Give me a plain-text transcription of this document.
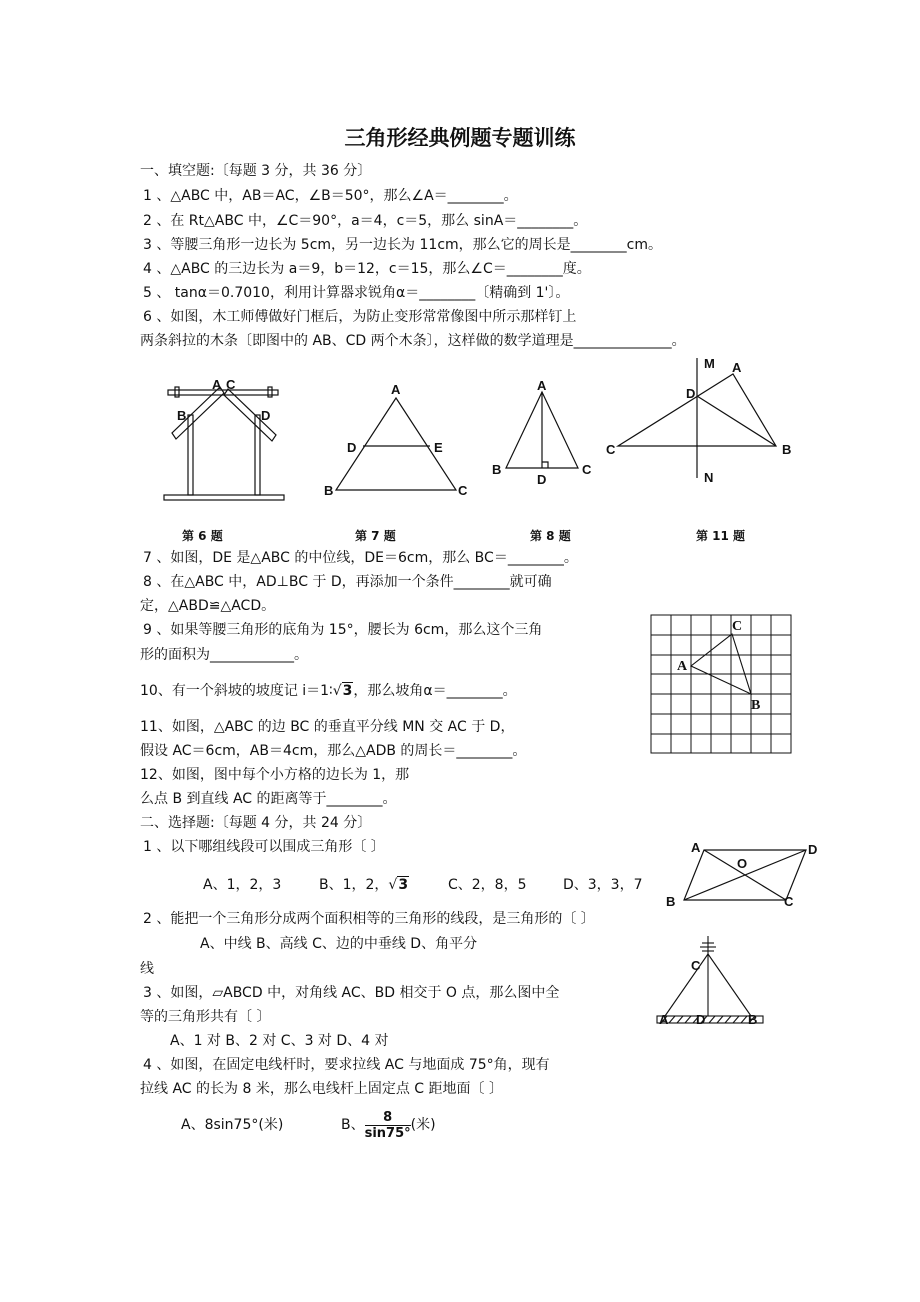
三角形经典例题专题训练
一、填空题:〔每题 3 分，共 36 分〕
1 、△ABC 中，AB＝AC，∠B＝50°，那么∠A＝________。
2 、在 Rt△ABC 中，∠C＝90°，a＝4，c＝5，那么 sinA＝________。
3 、等腰三角形一边长为 5cm，另一边长为 11cm，那么它的周长是________cm。
4 、△ABC 的三边长为 a＝9，b＝12，c＝15，那么∠C＝________度。
5 、 tanα＝0.7010，利用计算器求锐角α＝________〔精确到 1'〕。
6 、如图，木工师傅做好门框后，为防止变形常常像图中所示那样钉上
两条斜拉的木条〔即图中的 AB、CD 两个木条〕，这样做的数学道理是______________。
A C
B	D
A
D	E
B	C
A
B
D
C
M A
D
C	B
N
第 6 题	第 7 题	第 8 题	第 11 题
7 、如图，DE 是△ABC 的中位线，DE＝6cm，那么 BC＝________。
8 、在△ABC 中，AD⊥BC 于 D，再添加一个条件________就可确
定，△ABD≌△ACD。
9 、如果等腰三角形的底角为 15°，腰长为 6cm，那么这个三角
形的面积为____________。
10、有一个斜坡的坡度记 i＝1∶√3，那么坡角α＝________。
11、如图，△ABC 的边 BC 的垂直平分线 MN 交 AC 于 D，
假设 AC＝6cm，AB＝4cm，那么△ADB 的周长＝________。
12、如图，图中每个小方格的边长为 1，那
么点 B 到直线 AC 的距离等于________。
C
A
B
二、选择题:〔每题 4 分，共 24 分〕
1 、以下哪组线段可以围成三角形〔 〕
A、1，2，3	B、1，2，√3	C、2，8，5	D、3，3，7
A	D
O
B	C
2 、能把一个三角形分成两个面积相等的三角形的线段，是三角形的〔 〕
A、中线 B、高线 C、边的中垂线 D、角平分
线	C
A D	B
3 、如图，▱ABCD 中，对角线 AC、BD 相交于 O 点，那么图中全
等的三角形共有〔 〕
A、1 对 B、2 对 C、3 对 D、4 对
4 、如图，在固定电线杆时，要求拉线 AC 与地面成 75°角，现有
拉线 AC 的长为 8 米，那么电线杆上固定点 C 距地面〔 〕
A、8sin75°(米)	B、 $\frac{8}{\sin 75^\circ}$ (米)
